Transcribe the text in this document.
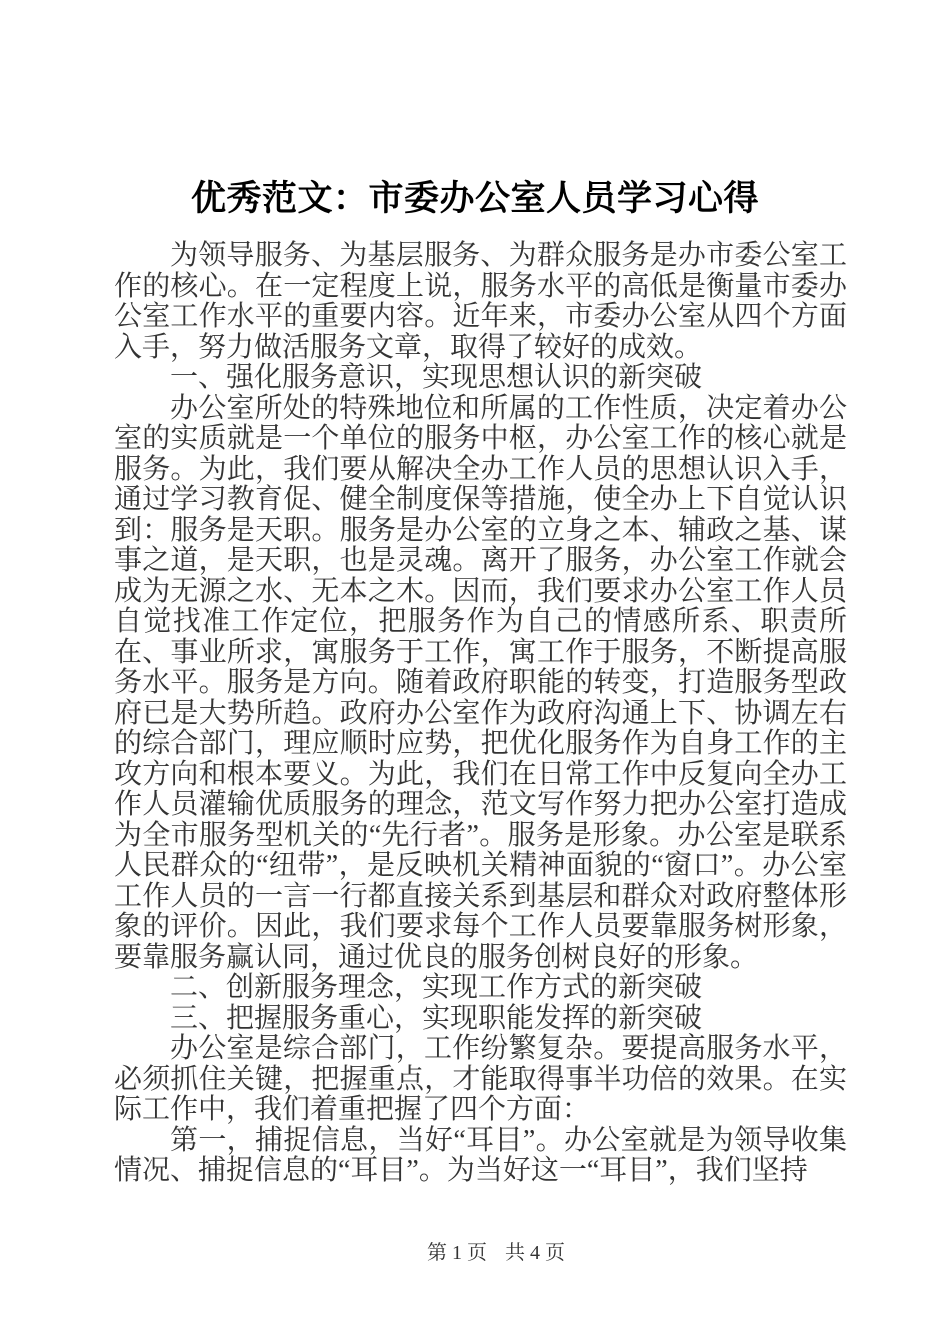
优秀范文：市委办公室人员学习心得

为领导服务、为基层服务、为群众服务是办市委公室工作的核心。在一定程度上说，服务水平的高低是衡量市委办公室工作水平的重要内容。近年来，市委办公室从四个方面入手，努力做活服务文章，取得了较好的成效。

一、强化服务意识，实现思想认识的新突破

办公室所处的特殊地位和所属的工作性质，决定着办公室的实质就是一个单位的服务中枢，办公室工作的核心就是服务。为此，我们要从解决全办工作人员的思想认识入手，通过学习教育促、健全制度保等措施，使全办上下自觉认识到：服务是天职。服务是办公室的立身之本、辅政之基、谋事之道，是天职，也是灵魂。离开了服务，办公室工作就会成为无源之水、无本之木。因而，我们要求办公室工作人员自觉找准工作定位，把服务作为自己的情感所系、职责所在、事业所求，寓服务于工作，寓工作于服务，不断提高服务水平。服务是方向。随着政府职能的转变，打造服务型政府已是大势所趋。政府办公室作为政府沟通上下、协调左右的综合部门，理应顺时应势，把优化服务作为自身工作的主攻方向和根本要义。为此，我们在日常工作中反复向全办工作人员灌输优质服务的理念，范文写作努力把办公室打造成为全市服务型机关的“先行者”。服务是形象。办公室是联系人民群众的“纽带”，是反映机关精神面貌的“窗口”。办公室工作人员的一言一行都直接关系到基层和群众对政府整体形象的评价。因此，我们要求每个工作人员要靠服务树形象，要靠服务赢认同，通过优良的服务创树良好的形象。

二、创新服务理念，实现工作方式的新突破

三、把握服务重心，实现职能发挥的新突破

办公室是综合部门，工作纷繁复杂。要提高服务水平，必须抓住关键，把握重点，才能取得事半功倍的效果。在实际工作中，我们着重把握了四个方面：

第一，捕捉信息，当好“耳目”。办公室就是为领导收集情况、捕捉信息的“耳目”。为当好这一“耳目”，我们坚持

第 1 页 共 4 页
